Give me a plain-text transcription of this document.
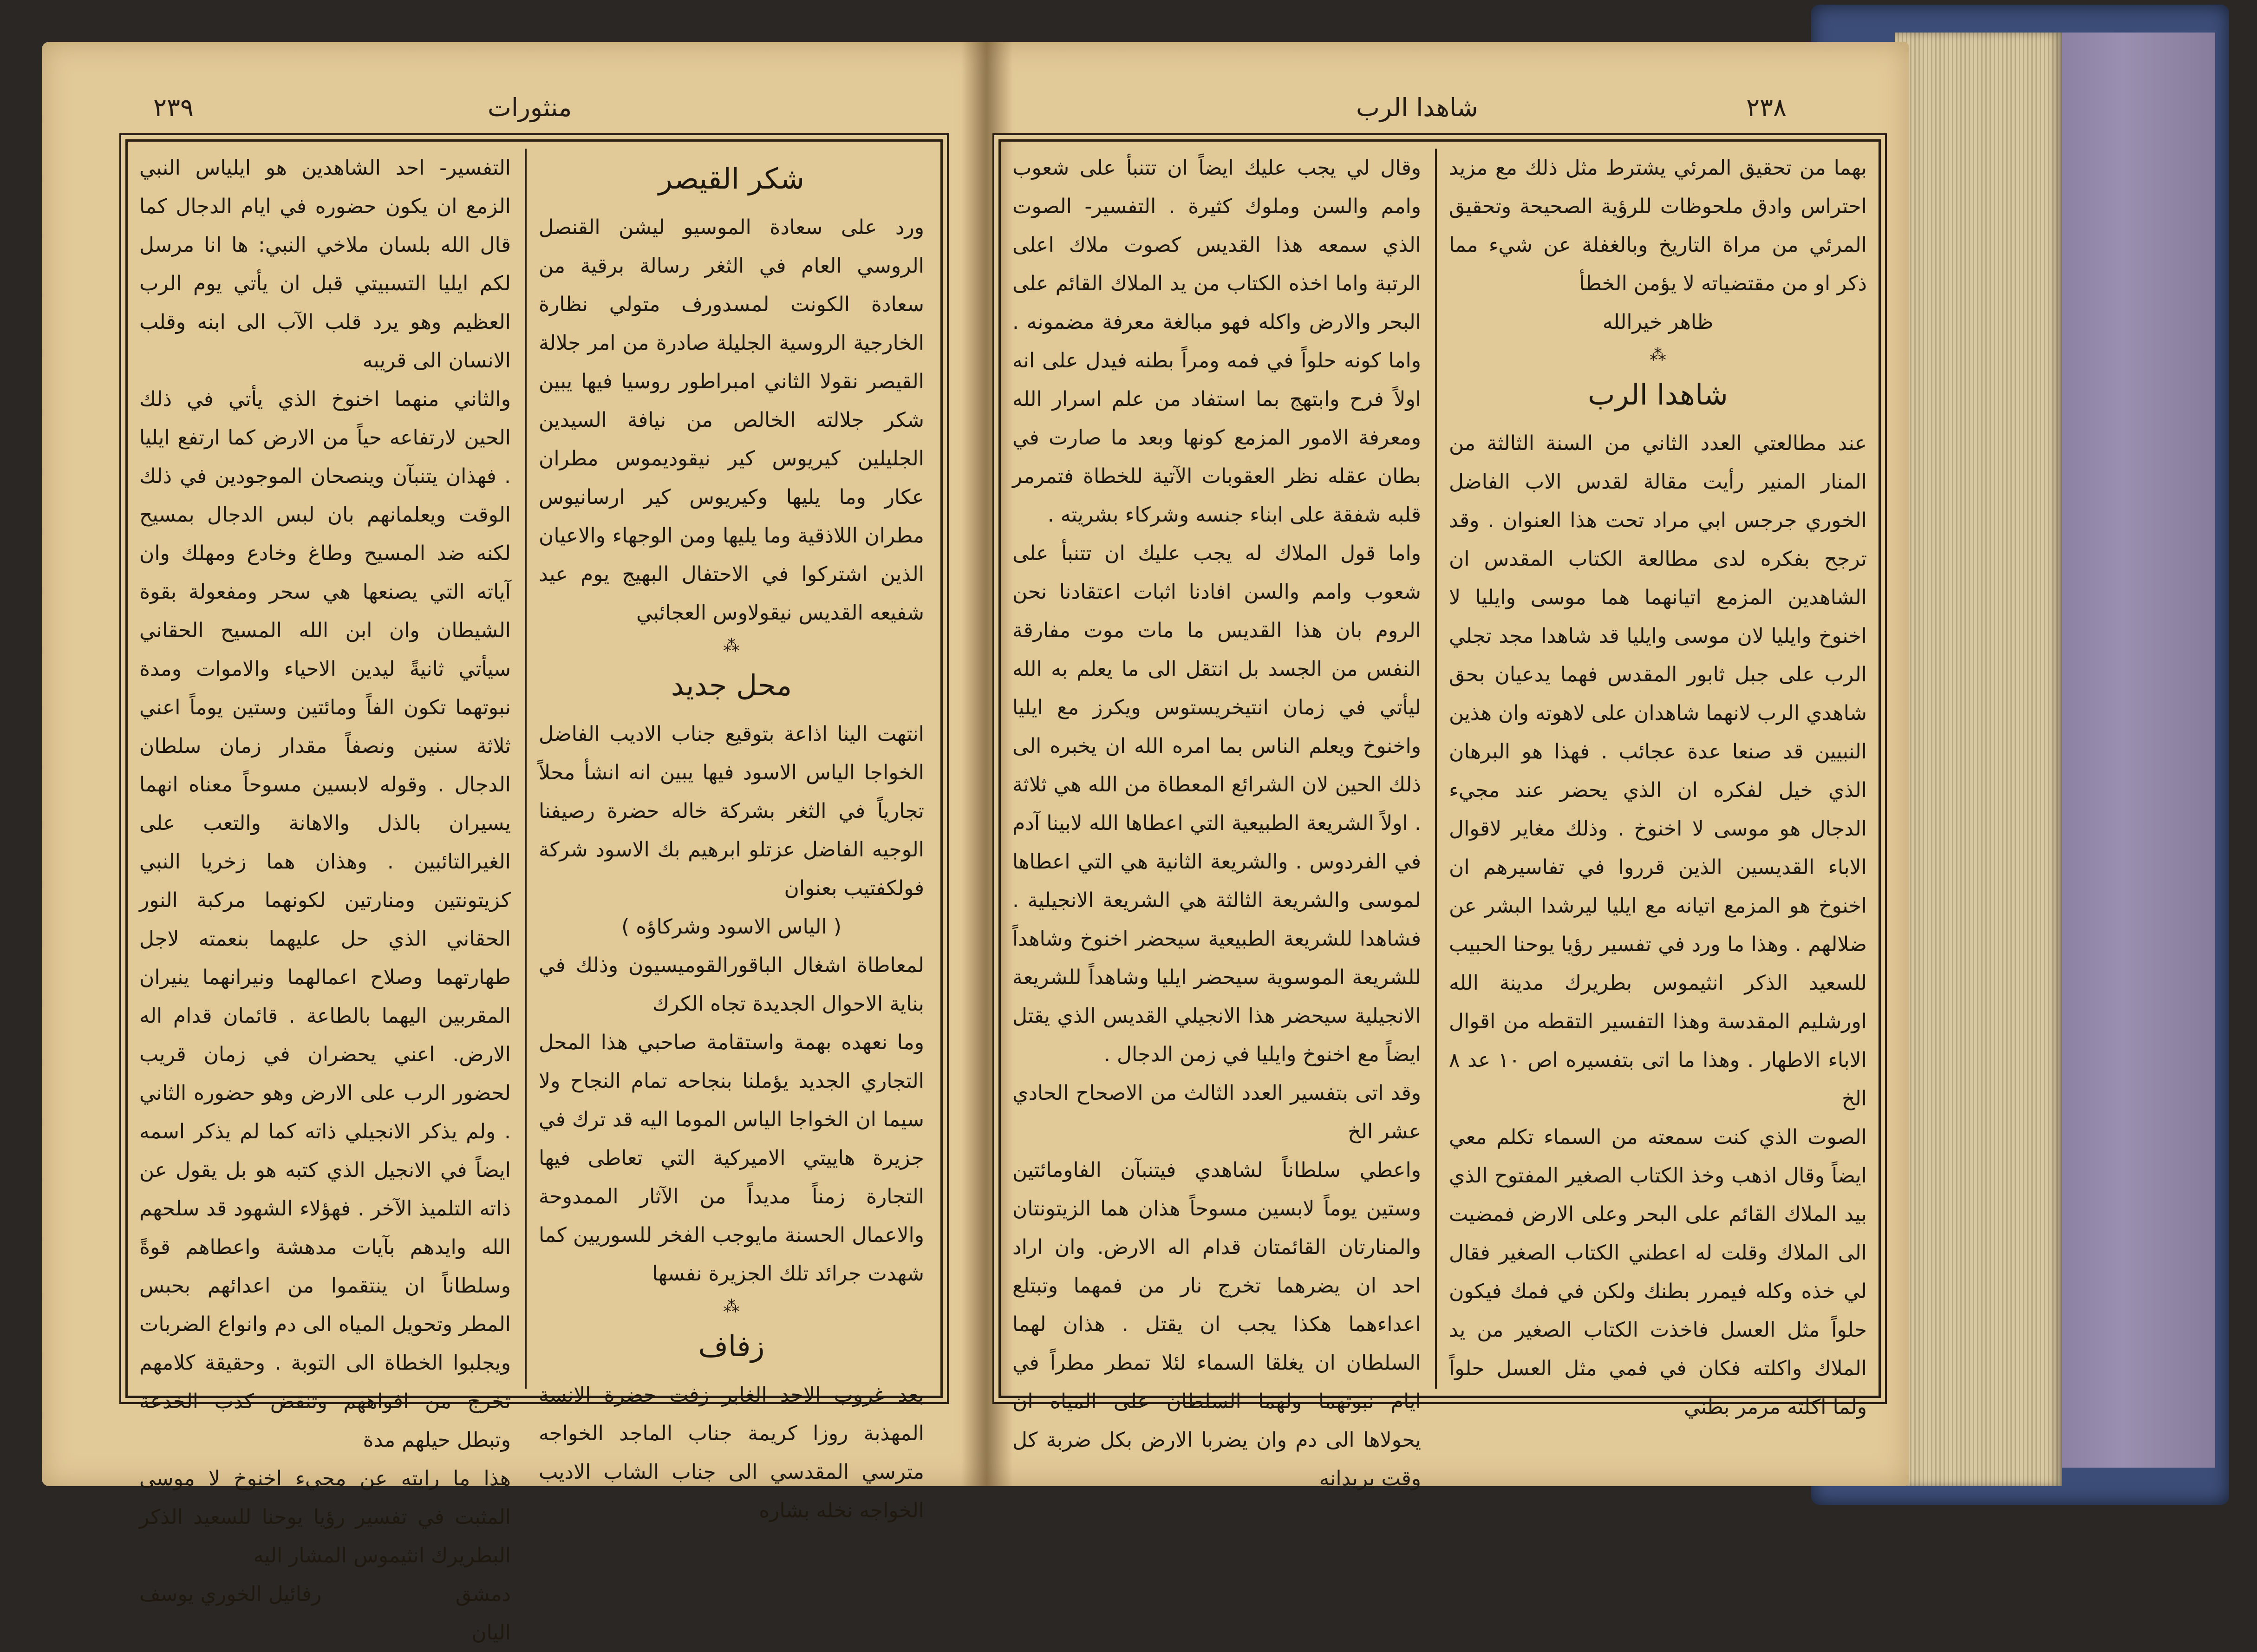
٢٣٩	منثورات
شكر القيصر

ورد على سعادة الموسيو ليشن القنصل الروسي العام في الثغر رسالة برقية من سعادة الكونت لمسدورف متولي نظارة الخارجية الروسية الجليلة صادرة من امر جلالة القيصر نقولا الثاني امبراطور روسيا فيها يبين شكر جلالته الخالص من نيافة السيدين الجليلين كيريوس كير نيقوديموس مطران عكار وما يليها وكيريوس كير ارسانيوس مطران اللاذقية وما يليها ومن الوجهاء والاعيان الذين اشتركوا في الاحتفال البهيج يوم عيد شفيعه القديس نيقولاوس العجائبي

⁂
محل جديد

انتهت الينا اذاعة بتوقيع جناب الاديب الفاضل الخواجا الياس الاسود فيها يبين انه انشأ محلاً تجارياً في الثغر بشركة خاله حضرة رصيفنا الوجيه الفاضل عزتلو ابرهيم بك الاسود شركة فولكفتيب بعنوان

( الياس الاسود وشركاؤه )

لمعاطاة اشغال الباقورالقوميسيون وذلك في بناية الاحوال الجديدة تجاه الكرك

وما نعهده بهمة واستقامة صاحبي هذا المحل التجاري الجديد يؤملنا بنجاحه تمام النجاح ولا سيما ان الخواجا الياس الموما اليه قد ترك في جزيرة هاييتي الاميركية التي تعاطى فيها التجارة زمناً مديداً من الآثار الممدوحة والاعمال الحسنة مايوجب الفخر للسوريين كما شهدت جرائد تلك الجزيرة نفسها

⁂
زفاف

بعد غروب الاحد الغابر زفت حضرة الانسة المهذبة روزا كريمة جناب الماجد الخواجه مترسي المقدسي الى جناب الشاب الاديب الخواجه نخله بشاره

التفسير- احد الشاهدين هو ايلياس النبي الزمع ان يكون حضوره في ايام الدجال كما قال الله بلسان ملاخي النبي: ها انا مرسل لكم ايليا التسبيتي قبل ان يأتي يوم الرب العظيم وهو يرد قلب الآب الى ابنه وقلب الانسان الى قريبه

والثاني منهما اخنوخ الذي يأتي في ذلك الحين لارتفاعه حياً من الارض كما ارتفع ايليا . فهذان يتنبآن وينصحان الموجودين في ذلك الوقت ويعلمانهم بان لبس الدجال بمسيح لكنه ضد المسيح وطاغ وخادع ومهلك وان آياته التي يصنعها هي سحر ومفعولة بقوة الشيطان وان ابن الله المسيح الحقاني سيأتي ثانيةً ليدين الاحياء والاموات ومدة نبوتهما تكون الفاً ومائتين وستين يوماً اعني ثلاثة سنين ونصفاً مقدار زمان سلطان الدجال . وقوله لابسين مسوحاً معناه انهما يسيران بالذل والاهانة والتعب على الغيرالتائبين . وهذان هما زخريا النبي كزيتونتين ومنارتين لكونهما مركبة النور الحقاني الذي حل عليهما بنعمته لاجل طهارتهما وصلاح اعمالهما ونيرانهما ينيران المقربين اليهما بالطاعة . قائمان قدام اله الارض. اعني يحضران في زمان قريب لحضور الرب على الارض وهو حضوره الثاني . ولم يذكر الانجيلي ذاته كما لم يذكر اسمه ايضاً في الانجيل الذي كتبه هو بل يقول عن ذاته التلميذ الآخر . فهؤلاء الشهود قد سلحهم الله وايدهم بآيات مدهشة واعطاهم قوةً وسلطاناً ان ينتقموا من اعدائهم بحبس المطر وتحويل المياه الى دم وانواع الضربات ويجلبوا الخطاة الى التوبة . وحقيقة كلامهم تخرج من افواههم وتنقض كذب الخدعة وتبطل حيلهم مدة

هذا ما رايته عن مجيء اخنوخ لا موسى المثبت في تفسير رؤيا يوحنا للسعيد الذكر البطريرك انثيموس المشار اليه

دمشق
رفائيل الخوري يوسف

اليان

٢٣٨
شاهدا الرب

بهما من تحقيق المرئي يشترط مثل ذلك مع مزيد احتراس وادق ملحوظات للرؤية الصحيحة وتحقيق المرئي من مراة التاريخ وبالغفلة عن شيء مما ذكر او من مقتضياته لا يؤمن الخطأ

ظاهر خيرالله

⁂
شاهدا الرب

عند مطالعتي العدد الثاني من السنة الثالثة من المنار المنير رأيت مقالة لقدس الاب الفاضل الخوري جرجس ابي مراد تحت هذا العنوان . وقد ترجح بفكره لدى مطالعة الكتاب المقدس ان الشاهدين المزمع اتيانهما هما موسى وايليا لا اخنوخ وايليا لان موسى وايليا قد شاهدا مجد تجلي الرب على جبل ثابور المقدس فهما يدعيان بحق شاهدي الرب لانهما شاهدان على لاهوته وان هذين النبيين قد صنعا عدة عجائب . فهذا هو البرهان الذي خيل لفكره ان الذي يحضر عند مجيء الدجال هو موسى لا اخنوخ . وذلك مغاير لاقوال الاباء القديسين الذين قرروا في تفاسيرهم ان اخنوخ هو المزمع اتيانه مع ايليا ليرشدا البشر عن ضلالهم . وهذا ما ورد في تفسير رؤيا يوحنا الحبيب للسعيد الذكر انثيموس بطريرك مدينة الله اورشليم المقدسة وهذا التفسير التقطه من اقوال الاباء الاطهار . وهذا ما اتى بتفسيره اص ١٠ عد ٨ الخ

الصوت الذي كنت سمعته من السماء تكلم معي ايضاً وقال اذهب وخذ الكتاب الصغير المفتوح الذي بيد الملاك القائم على البحر وعلى الارض فمضيت الى الملاك وقلت له اعطني الكتاب الصغير فقال لي خذه وكله فيمرر بطنك ولكن في فمك فيكون حلواً مثل العسل فاخذت الكتاب الصغير من يد الملاك واكلته فكان في فمي مثل العسل حلواً ولما اكلته مرمر بطني

وقال لي يجب عليك ايضاً ان تتنبأ على شعوب وامم والسن وملوك كثيرة . التفسير- الصوت الذي سمعه هذا القديس كصوت ملاك اعلى الرتبة واما اخذه الكتاب من يد الملاك القائم على البحر والارض واكله فهو مبالغة معرفة مضمونه . واما كونه حلواً في فمه ومراً بطنه فيدل على انه اولاً فرح وابتهج بما استفاد من علم اسرار الله ومعرفة الامور المزمع كونها وبعد ما صارت في بطان عقله نظر العقوبات الآتية للخطاة فتمرمر قلبه شفقة على ابناء جنسه وشركاء بشريته .

واما قول الملاك له يجب عليك ان تتنبأ على شعوب وامم والسن افادنا اثبات اعتقادنا نحن الروم بان هذا القديس ما مات موت مفارقة النفس من الجسد بل انتقل الى ما يعلم به الله ليأتي في زمان انتيخريستوس ويكرز مع ايليا واخنوخ ويعلم الناس بما امره الله ان يخبره الى ذلك الحين لان الشرائع المعطاة من الله هي ثلاثة . اولاً الشريعة الطبيعية التي اعطاها الله لابينا آدم في الفردوس . والشريعة الثانية هي التي اعطاها لموسى والشريعة الثالثة هي الشريعة الانجيلية . فشاهدا للشريعة الطبيعية سيحضر اخنوخ وشاهداً للشريعة الموسوية سيحضر ايليا وشاهداً للشريعة الانجيلية سيحضر هذا الانجيلي القديس الذي يقتل ايضاً مع اخنوخ وايليا في زمن الدجال .

وقد اتى بتفسير العدد الثالث من الاصحاح الحادي عشر الخ

واعطي سلطاناً لشاهدي فيتنبآن الفاومائتين وستين يوماً لابسين مسوحاً هذان هما الزيتونتان والمنارتان القائمتان قدام اله الارض. وان اراد احد ان يضرهما تخرج نار من فمهما وتبتلع اعداءهما هكذا يجب ان يقتل . هذان لهما السلطان ان يغلقا السماء لئلا تمطر مطراً في ايام نبوتهما ولهما السلطان على المياه ان يحولاها الى دم وان يضربا الارض بكل ضربة كل وقت يريدانه
